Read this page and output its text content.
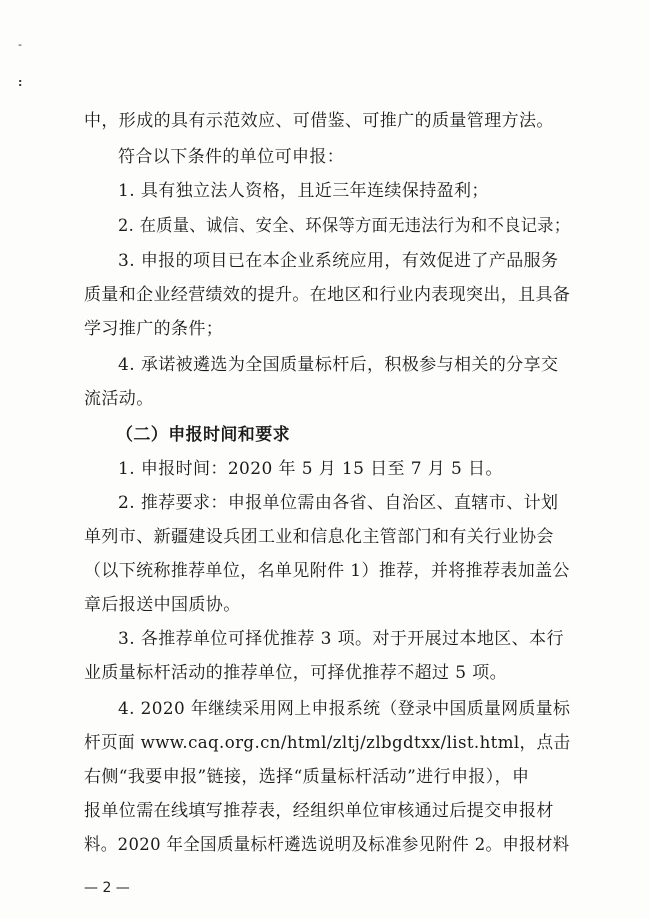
-
:
中，形成的具有示范效应、可借鉴、可推广的质量管理方法。
符合以下条件的单位可申报：
1. 具有独立法人资格，且近三年连续保持盈利；
2. 在质量、诚信、安全、环保等方面无违法行为和不良记录；
3. 申报的项目已在本企业系统应用，有效促进了产品服务
质量和企业经营绩效的提升。在地区和行业内表现突出，且具备
学习推广的条件；
4. 承诺被遴选为全国质量标杆后，积极参与相关的分享交
流活动。
（二）申报时间和要求
1. 申报时间：2020 年 5 月 15 日至 7 月 5 日。
2. 推荐要求：申报单位需由各省、自治区、直辖市、计划
单列市、新疆建设兵团工业和信息化主管部门和有关行业协会
（以下统称推荐单位，名单见附件 1）推荐，并将推荐表加盖公
章后报送中国质协。
3. 各推荐单位可择优推荐 3 项。对于开展过本地区、本行
业质量标杆活动的推荐单位，可择优推荐不超过 5 项。
4. 2020 年继续采用网上申报系统（登录中国质量网质量标
杆页面 www.caq.org.cn/html/zltj/zlbgdtxx/list.html，点击
右侧“我要申报”链接，选择“质量标杆活动”进行申报），申
报单位需在线填写推荐表，经组织单位审核通过后提交申报材
料。2020 年全国质量标杆遴选说明及标准参见附件 2。申报材料
— 2 —
